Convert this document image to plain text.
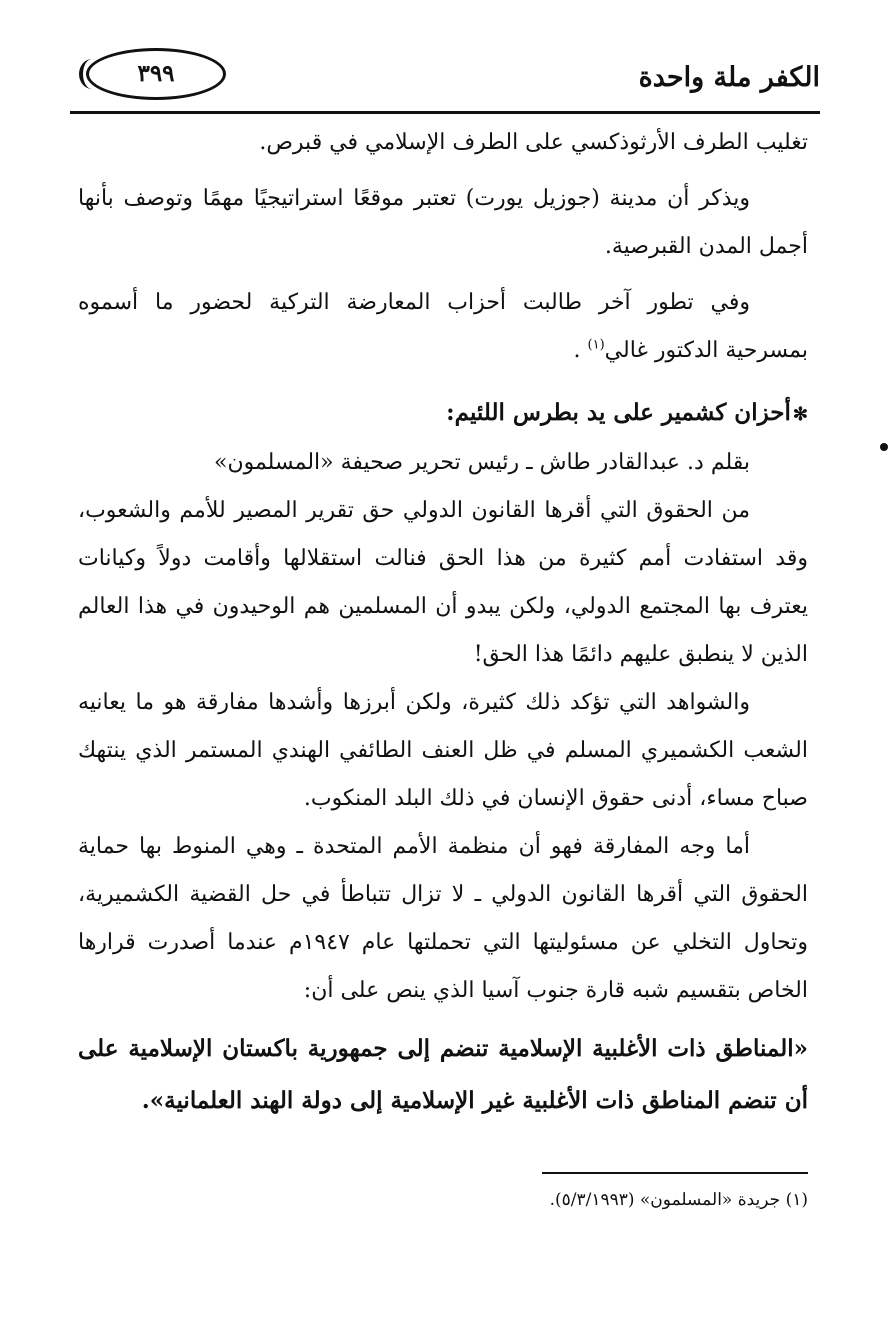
الكفر ملة واحدة
٣٩٩

تغليب الطرف الأرثوذكسي على الطرف الإسلامي في قبرص.

ويذكر أن مدينة (جوزيل يورت) تعتبر موقعًا استراتيجيًا مهمًا وتوصف بأنها أجمل المدن القبرصية.

وفي تطور آخر طالبت أحزاب المعارضة التركية لحضور ما أسموه بمسرحية الدكتور غالي$^{(١)}$ .

✻أحزان كشمير على يد بطرس اللئيم:

بقلم د. عبدالقادر طاش ـ رئيس تحرير صحيفة «المسلمون»

من الحقوق التي أقرها القانون الدولي حق تقرير المصير للأمم والشعوب، وقد استفادت أمم كثيرة من هذا الحق فنالت استقلالها وأقامت دولاً وكيانات يعترف بها المجتمع الدولي، ولكن يبدو أن المسلمين هم الوحيدون في هذا العالم الذين لا ينطبق عليهم دائمًا هذا الحق!

والشواهد التي تؤكد ذلك كثيرة، ولكن أبرزها وأشدها مفارقة هو ما يعانيه الشعب الكشميري المسلم في ظل العنف الطائفي الهندي المستمر الذي ينتهك صباح مساء، أدنى حقوق الإنسان في ذلك البلد المنكوب.

أما وجه المفارقة فهو أن منظمة الأمم المتحدة ـ وهي المنوط بها حماية الحقوق التي أقرها القانون الدولي ـ لا تزال تتباطأ في حل القضية الكشميرية، وتحاول التخلي عن مسئوليتها التي تحملتها عام ١٩٤٧م عندما أصدرت قرارها الخاص بتقسيم شبه قارة جنوب آسيا الذي ينص على أن:

«المناطق ذات الأغلبية الإسلامية تنضم إلى جمهورية باكستان الإسلامية على أن تنضم المناطق ذات الأغلبية غير الإسلامية إلى دولة الهند العلمانية».

(١) جريدة «المسلمون» (٥/٣/١٩٩٣).
